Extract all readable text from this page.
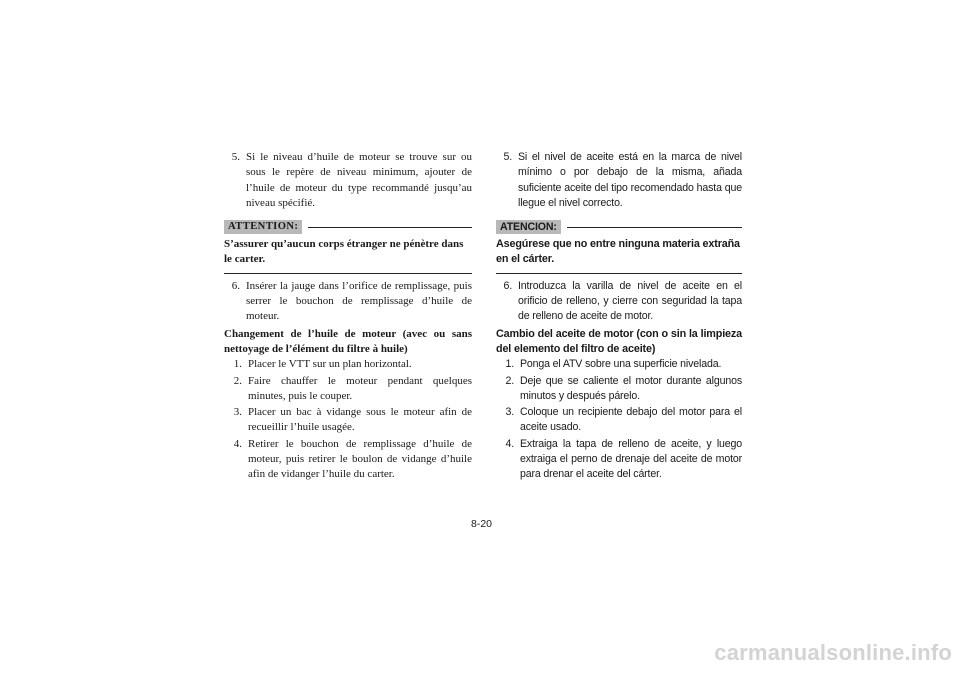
5. Si le niveau d’huile de moteur se trouve sur ou sous le repère de niveau minimum, ajouter de l’huile de moteur du type recommandé jusqu’au niveau spécifié.
ATTENTION:
S’assurer qu’aucun corps étranger ne pénètre dans le carter.
6. Insérer la jauge dans l’orifice de remplissage, puis serrer le bouchon de remplissage d’huile de moteur.
Changement de l’huile de moteur (avec ou sans nettoyage de l’élément du filtre à huile)
1. Placer le VTT sur un plan horizontal.
2. Faire chauffer le moteur pendant quelques minutes, puis le couper.
3. Placer un bac à vidange sous le moteur afin de recueillir l’huile usagée.
4. Retirer le bouchon de remplissage d’huile de moteur, puis retirer le boulon de vidange d’huile afin de vidanger l’huile du carter.
5. Si el nivel de aceite está en la marca de nivel mínimo o por debajo de la misma, añada suficiente aceite del tipo recomendado hasta que llegue el nivel correcto.
ATENCION:
Asegúrese que no entre ninguna materia extraña en el cárter.
6. Introduzca la varilla de nivel de aceite en el orificio de relleno, y cierre con seguridad la tapa de relleno de aceite de motor.
Cambio del aceite de motor (con o sin la limpieza del elemento del filtro de aceite)
1. Ponga el ATV sobre una superficie nivelada.
2. Deje que se caliente el motor durante algunos minutos y después párelo.
3. Coloque un recipiente debajo del motor para el aceite usado.
4. Extraiga la tapa de relleno de aceite, y luego extraiga el perno de drenaje del aceite de motor para drenar el aceite del cárter.
8-20
carmanualsonline.info
